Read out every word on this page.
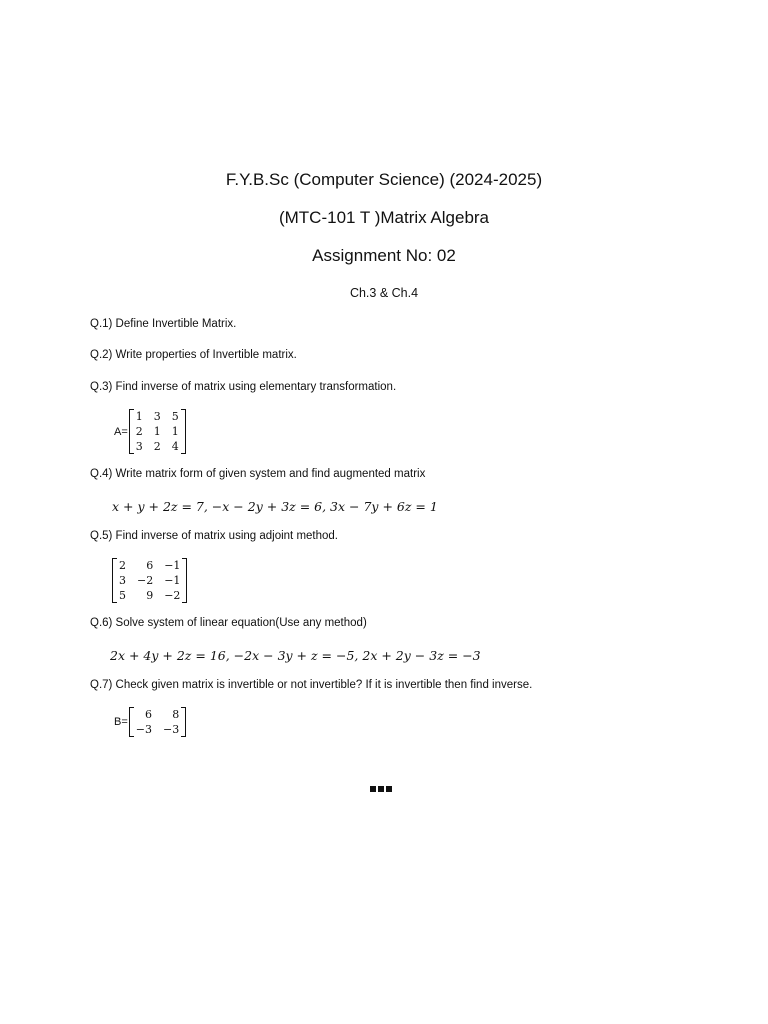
F.Y.B.Sc (Computer Science) (2024-2025)
(MTC-101 T )Matrix Algebra
Assignment No: 02
Ch.3 & Ch.4
Q.1) Define Invertible Matrix.
Q.2) Write properties of Invertible matrix.
Q.3) Find inverse of matrix using elementary transformation.
A=
1 3 5
2 1 1
3 2 4
Q.4) Write matrix form of given system and find augmented matrix
x + y + 2z = 7, −x − 2y + 3z = 6, 3x − 7y + 6z = 1
Q.5) Find inverse of matrix using adjoint method.
2	6 −1
3 −2 −1
5	9 −2
Q.6) Solve system of linear equation(Use any method)
2x + 4y + 2z = 16, −2x − 3y + z = −5, 2x + 2y − 3z = −3
Q.7) Check given matrix is invertible or not invertible? If it is invertible then find inverse.
B=
6	8
−3 −3
